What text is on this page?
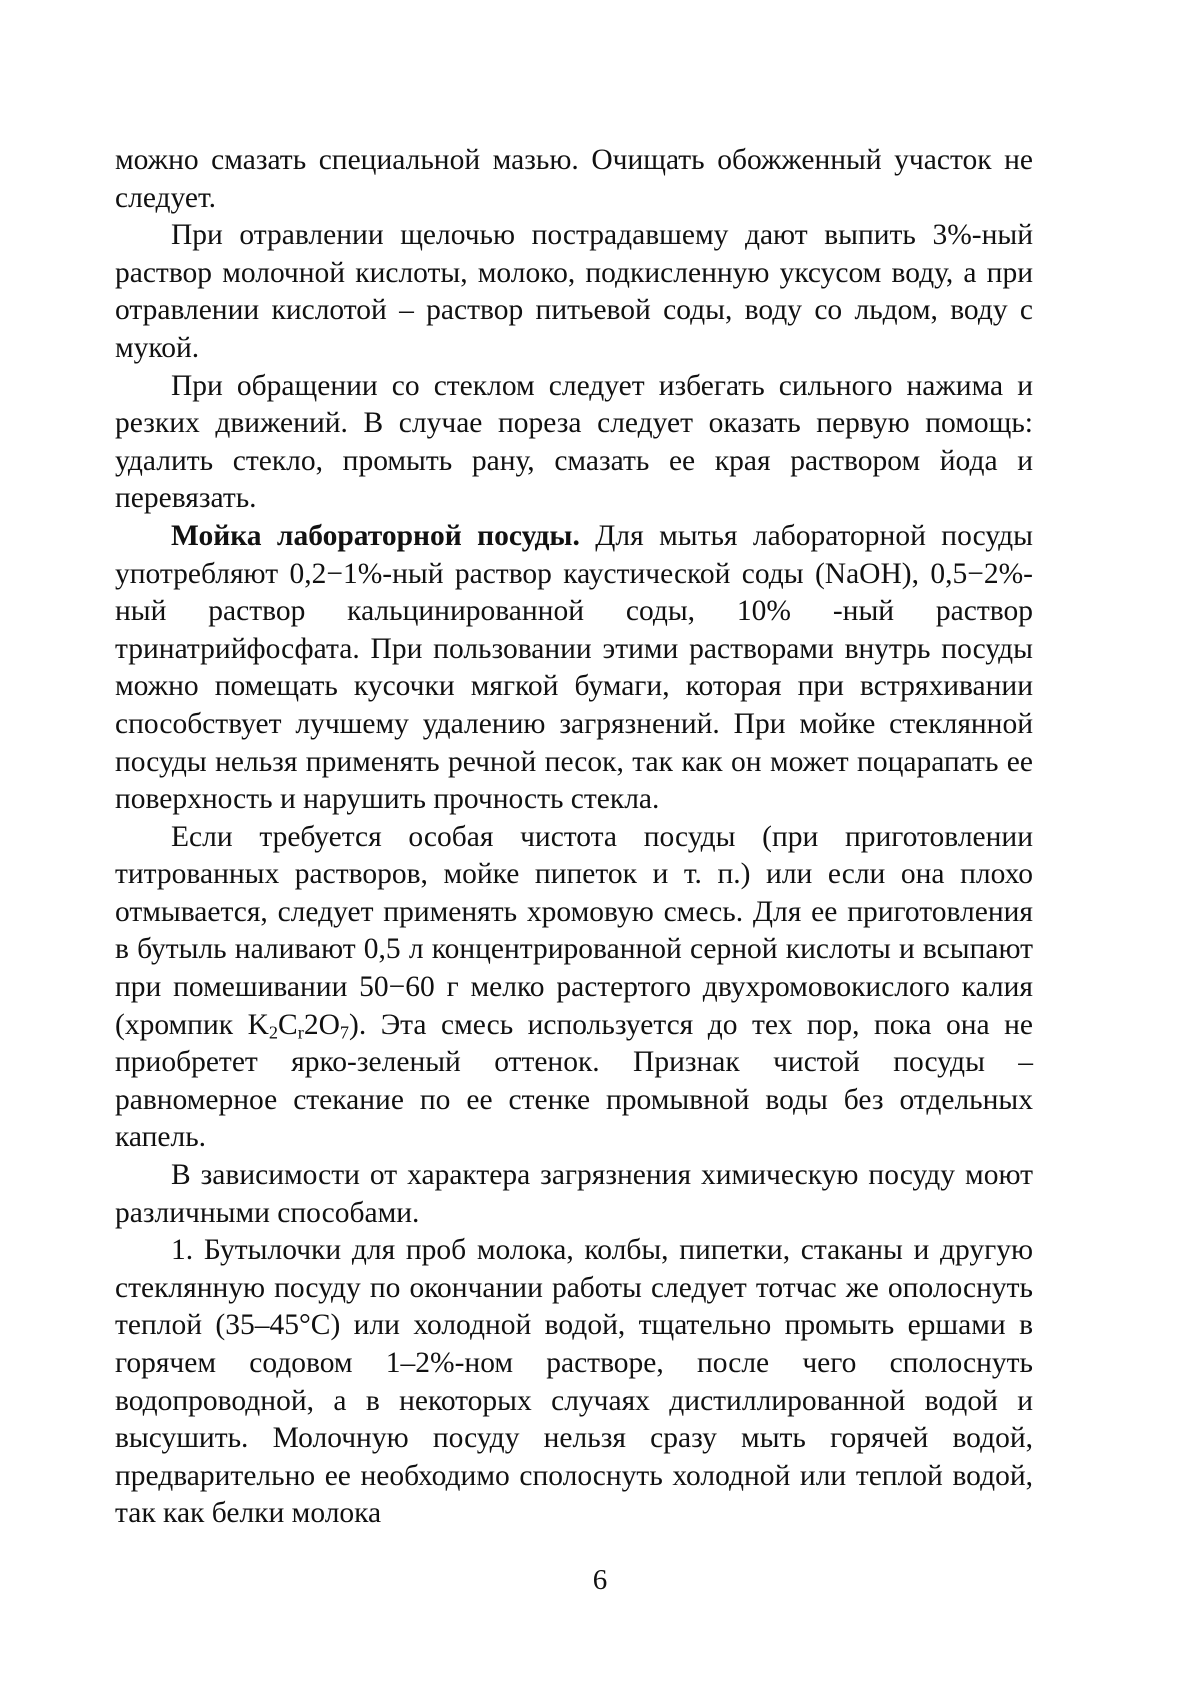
можно смазать специальной мазью. Очищать обожженный участок не следует.

При отравлении щелочью пострадавшему дают выпить 3%-ный раствор молочной кислоты, молоко, подкисленную уксусом воду, а при отравлении кислотой – раствор питьевой соды, воду со льдом, воду с мукой.

При обращении со стеклом следует избегать сильного нажима и резких движений. В случае пореза следует оказать первую помощь: удалить стекло, промыть рану, смазать ее края раствором йода и перевязать.

Мойка лабораторной посуды. Для мытья лабораторной посуды употребляют 0,2−1%-ный раствор каустической соды (NaOH), 0,5−2%-ный раствор кальцинированной соды, 10% -ный раствор тринатрийфосфата. При пользовании этими растворами внутрь посуды можно помещать кусочки мягкой бумаги, которая при встряхивании способствует лучшему удалению загрязнений. При мойке стеклянной посуды нельзя применять речной песок, так как он может поцарапать ее поверхность и нарушить прочность стекла.

Если требуется особая чистота посуды (при приготовлении титрованных растворов, мойке пипеток и т. п.) или если она плохо отмывается, следует применять хромовую смесь. Для ее приготовления в бутыль наливают 0,5 л концентрированной серной кислоты и всыпают при помешивании 50−60 г мелко растертого двухромовокислого калия (хромпик $K_2C_r2O_7$). Эта смесь используется до тех пор, пока она не приобретет ярко-зеленый оттенок. Признак чистой посуды – равномерное стекание по ее стенке промывной воды без отдельных капель.

В зависимости от характера загрязнения химическую посуду моют различными способами.

1. Бутылочки для проб молока, колбы, пипетки, стаканы и другую стеклянную посуду по окончании работы следует тотчас же ополоснуть теплой (35–45°С) или холодной водой, тщательно промыть ершами в горячем содовом 1–2%-ном растворе, после чего сполоснуть водопроводной, а в некоторых случаях дистиллированной водой и высушить. Молочную посуду нельзя сразу мыть горячей водой, предварительно ее необходимо сполоснуть холодной или теплой водой, так как белки молока

6
